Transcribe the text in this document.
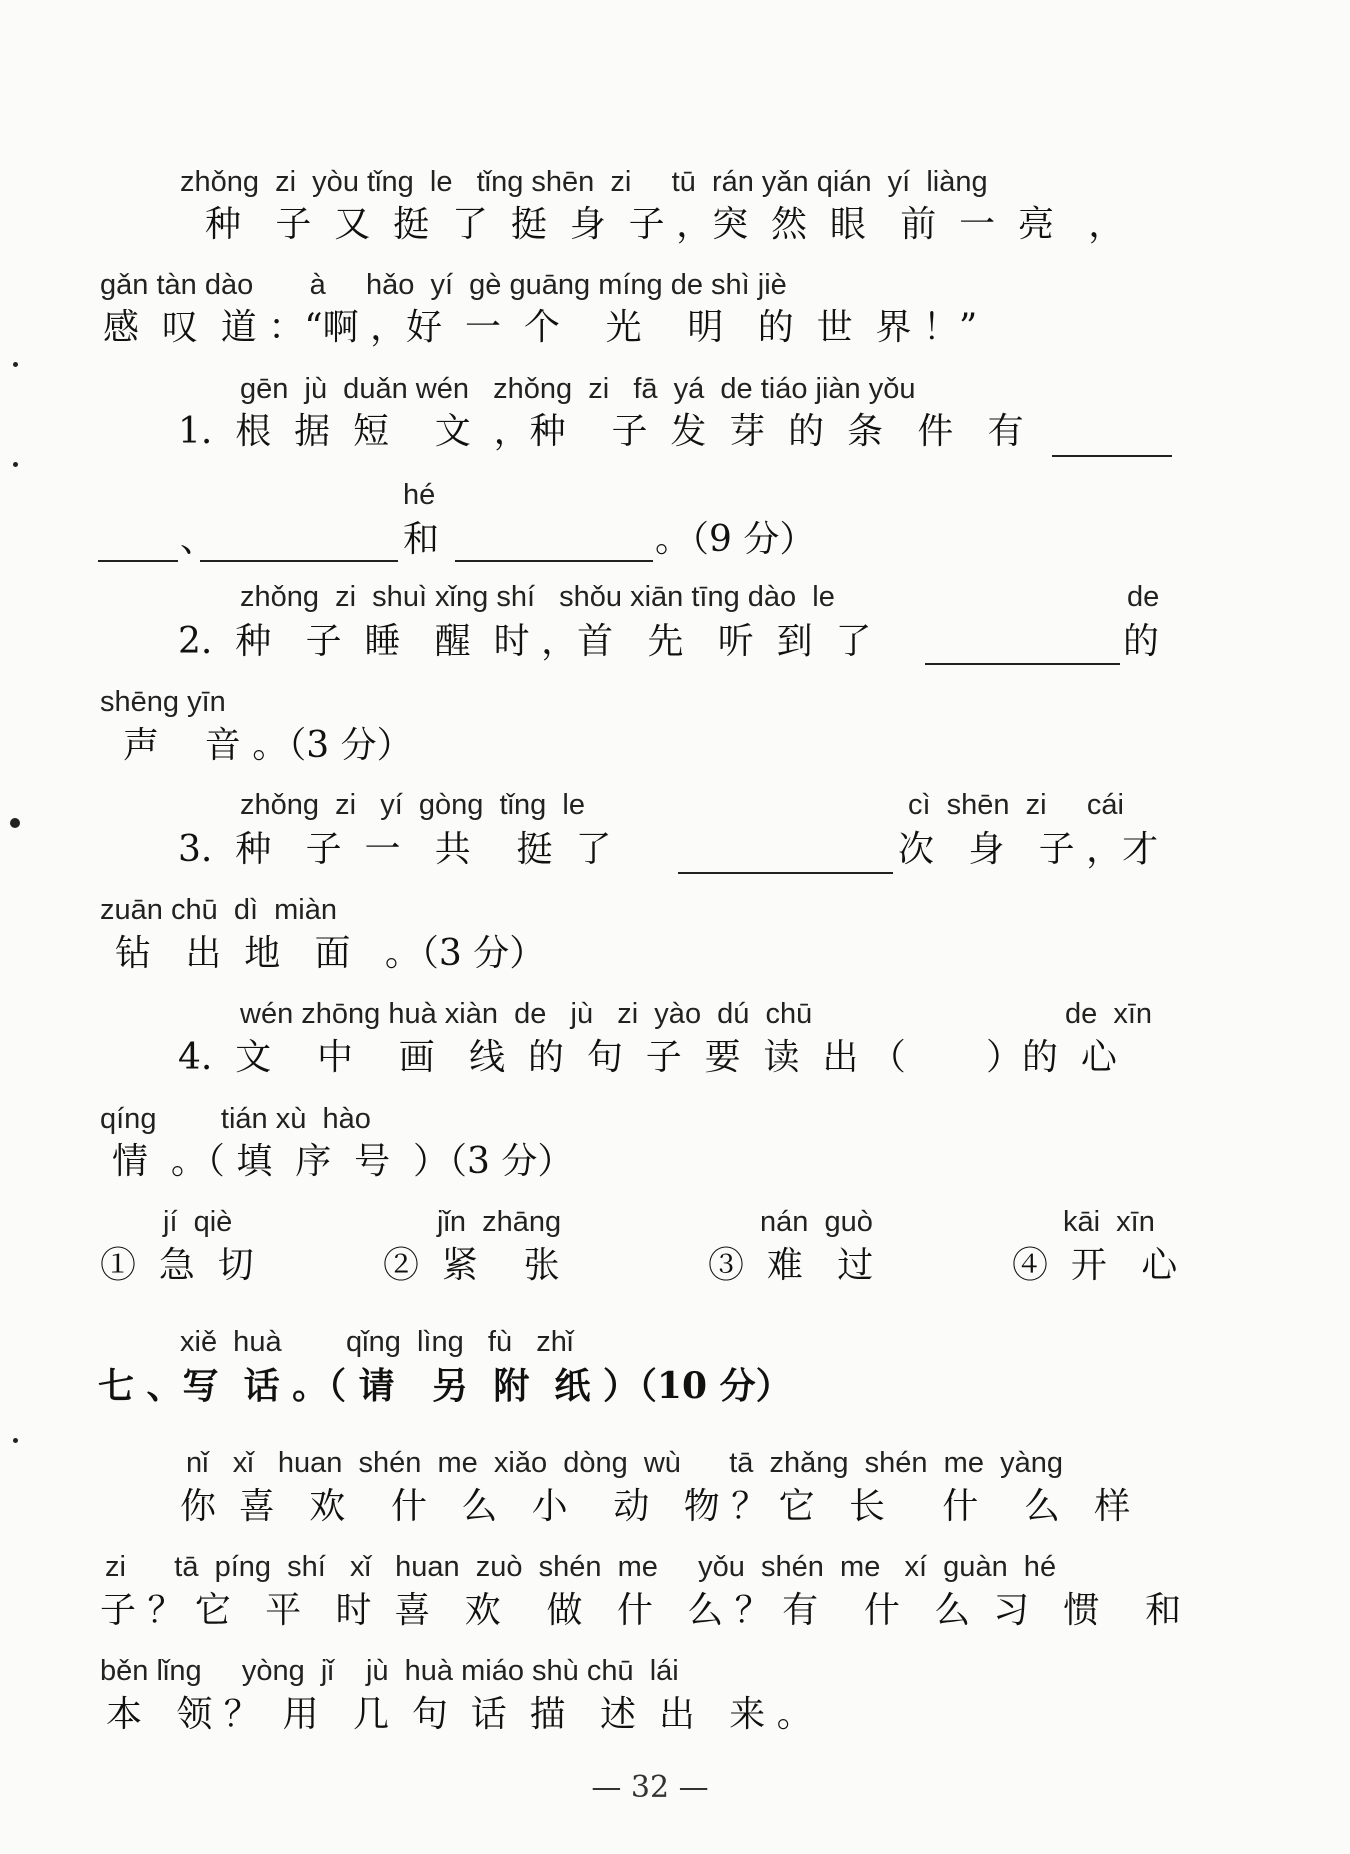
zhǒng  zi  yòu tǐng  le   tǐng shēn  zi     tū  rán yǎn qián  yí  liàng
种   子  又  挺  了  挺  身  子 ，突  然  眼   前  一  亮   ，
gǎn tàn dào       à     hǎo  yí  gè guāng míng de shì jiè
感  叹  道 ：“啊 ，好  一  个    光    明   的  世  界 ！”
gēn  jù  duǎn wén   zhǒng  zi   fā  yá  de tiáo jiàn yǒu
1.  根  据  短    文  ，种    子  发  芽  的  条   件   有
hé
、	和	。（9 分）
zhǒng  zi  shuì xǐng shí   shǒu xiān tīng dào  le	de
2.  种   子  睡   醒  时 ，首   先   听  到  了	的
shēng yīn
声    音 。（3 分）
zhǒng  zi   yí  gòng  tǐng  le	cì  shēn  zi     cái
3.  种   子  一   共    挺  了	次   身   子 ，才
zuān chū  dì  miàn
钻   出  地   面   。（3 分）
wén zhōng huà xiàn  de   jù   zi  yào  dú  chū	de  xīn
4.  文    中    画   线  的  句  子  要  读  出 （       ）的  心
qíng        tián xù  hào
情  。（ 填  序  号  ）（3 分）
jí  qiè
①  急  切
jǐn  zhāng
②  紧    张
nán  guò
③  难   过
kāi  xīn
④  开   心
xiě  huà        qǐng  lìng   fù   zhǐ
七 、写  话 。（ 请   另  附  纸 ）（10 分）
nǐ   xǐ   huan  shén  me  xiǎo  dòng  wù      tā  zhǎng  shén  me  yàng
你  喜   欢    什   么   小    动   物 ？ 它   长     什    么   样
zi      tā  píng  shí   xǐ   huan  zuò  shén  me     yǒu  shén  me   xí  guàn  hé
子 ？ 它   平   时  喜   欢    做   什   么 ？ 有    什   么  习   惯    和
běn lǐng     yòng  jǐ    jù  huà miáo shù chū  lái
本   领 ？  用   几  句  话  描   述  出   来 。
— 32 —
